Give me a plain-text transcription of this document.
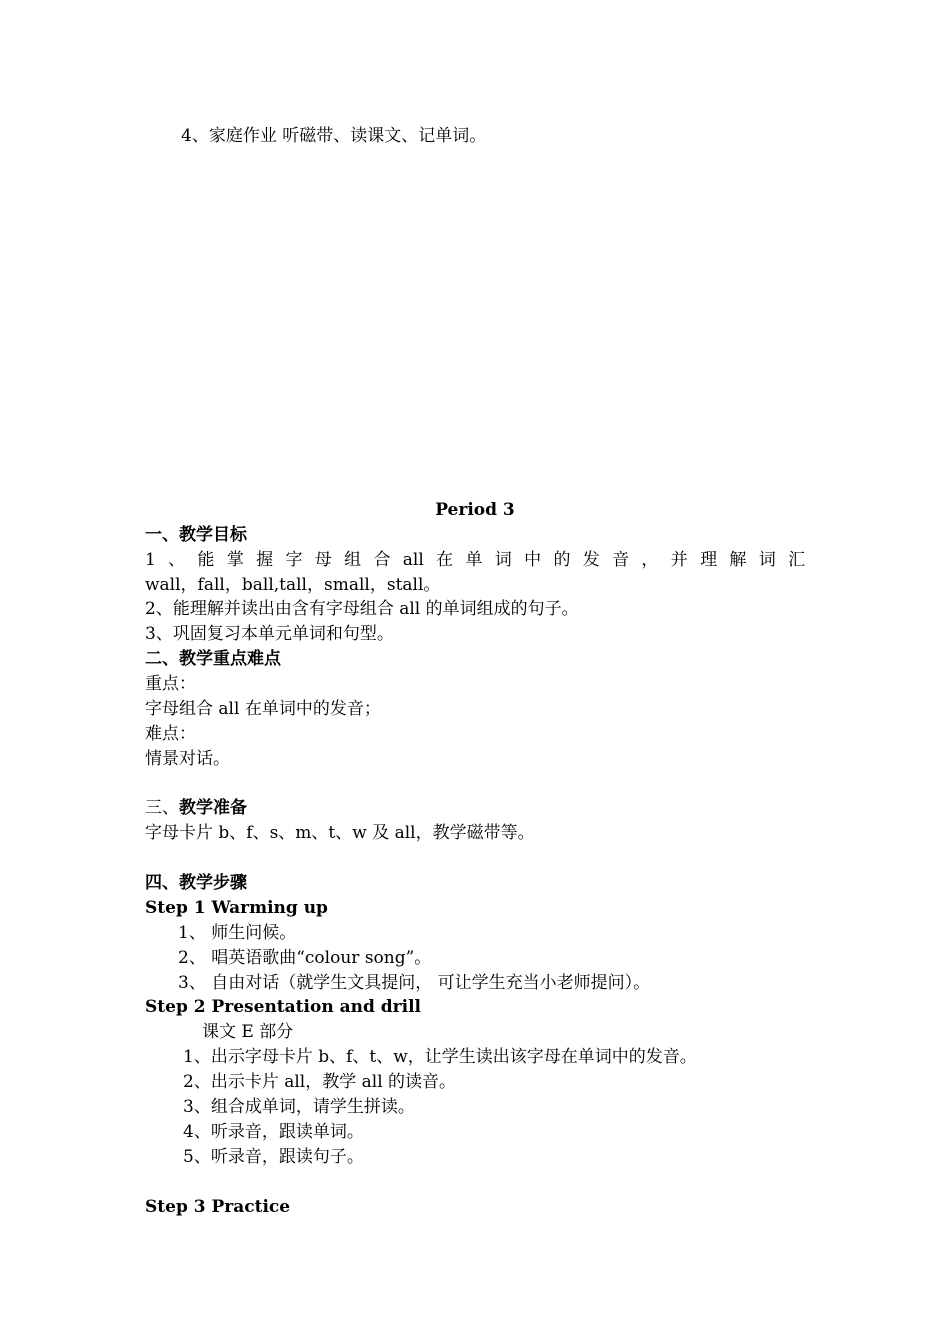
4、家庭作业 听磁带、读课文、记单词。
Period 3
一、教学目标
1 、 能 掌 握 字 母 组 合 all 在 单 词 中 的 发 音 ， 并 理 解 词 汇
wall，fall，ball,tall，small，stall。
2、能理解并读出由含有字母组合 all 的单词组成的句子。
3、巩固复习本单元单词和句型。
二、教学重点难点
重点：
字母组合 all 在单词中的发音；
难点：
情景对话。
三、教学准备
字母卡片 b、f、s、m、t、w 及 all，教学磁带等。
四、教学步骤
Step 1 Warming up
1、 师生问候。
2、 唱英语歌曲“colour song”。
3、 自由对话（就学生文具提问， 可让学生充当小老师提问）。
Step 2 Presentation and drill
课文 E 部分
1、出示字母卡片 b、f、t、w，让学生读出该字母在单词中的发音。
2、出示卡片 all，教学 all 的读音。
3、组合成单词，请学生拼读。
4、听录音，跟读单词。
5、听录音，跟读句子。
Step 3 Practice
